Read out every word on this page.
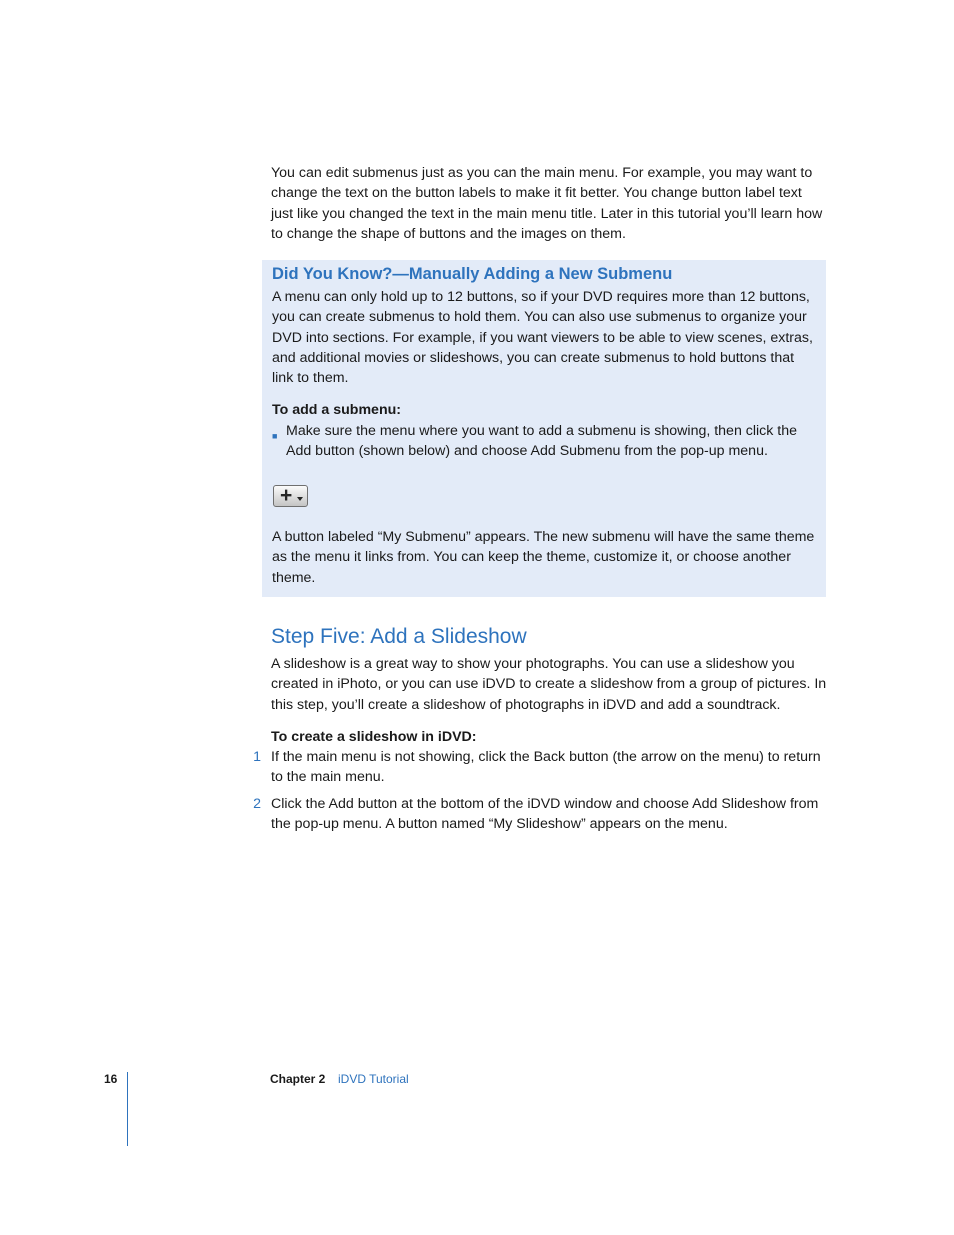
You can edit submenus just as you can the main menu. For example, you may want to change the text on the button labels to make it fit better. You change button label text just like you changed the text in the main menu title. Later in this tutorial you’ll learn how to change the shape of buttons and the images on them.

Did You Know?—Manually Adding a New Submenu

A menu can only hold up to 12 buttons, so if your DVD requires more than 12 buttons, you can create submenus to hold them. You can also use submenus to organize your DVD into sections. For example, if you want viewers to be able to view scenes, extras, and additional movies or slideshows, you can create submenus to hold buttons that link to them.

To add a submenu:

■ Make sure the menu where you want to add a submenu is showing, then click the Add button (shown below) and choose Add Submenu from the pop-up menu.

+

A button labeled “My Submenu” appears. The new submenu will have the same theme as the menu it links from. You can keep the theme, customize it, or choose another theme.

Step Five: Add a Slideshow

A slideshow is a great way to show your photographs. You can use a slideshow you created in iPhoto, or you can use iDVD to create a slideshow from a group of pictures. In this step, you’ll create a slideshow of photographs in iDVD and add a soundtrack.

To create a slideshow in iDVD:

1 If the main menu is not showing, click the Back button (the arrow on the menu) to return to the main menu.

2 Click the Add button at the bottom of the iDVD window and choose Add Slideshow from the pop-up menu. A button named “My Slideshow” appears on the menu.

16	Chapter 2 iDVD Tutorial
